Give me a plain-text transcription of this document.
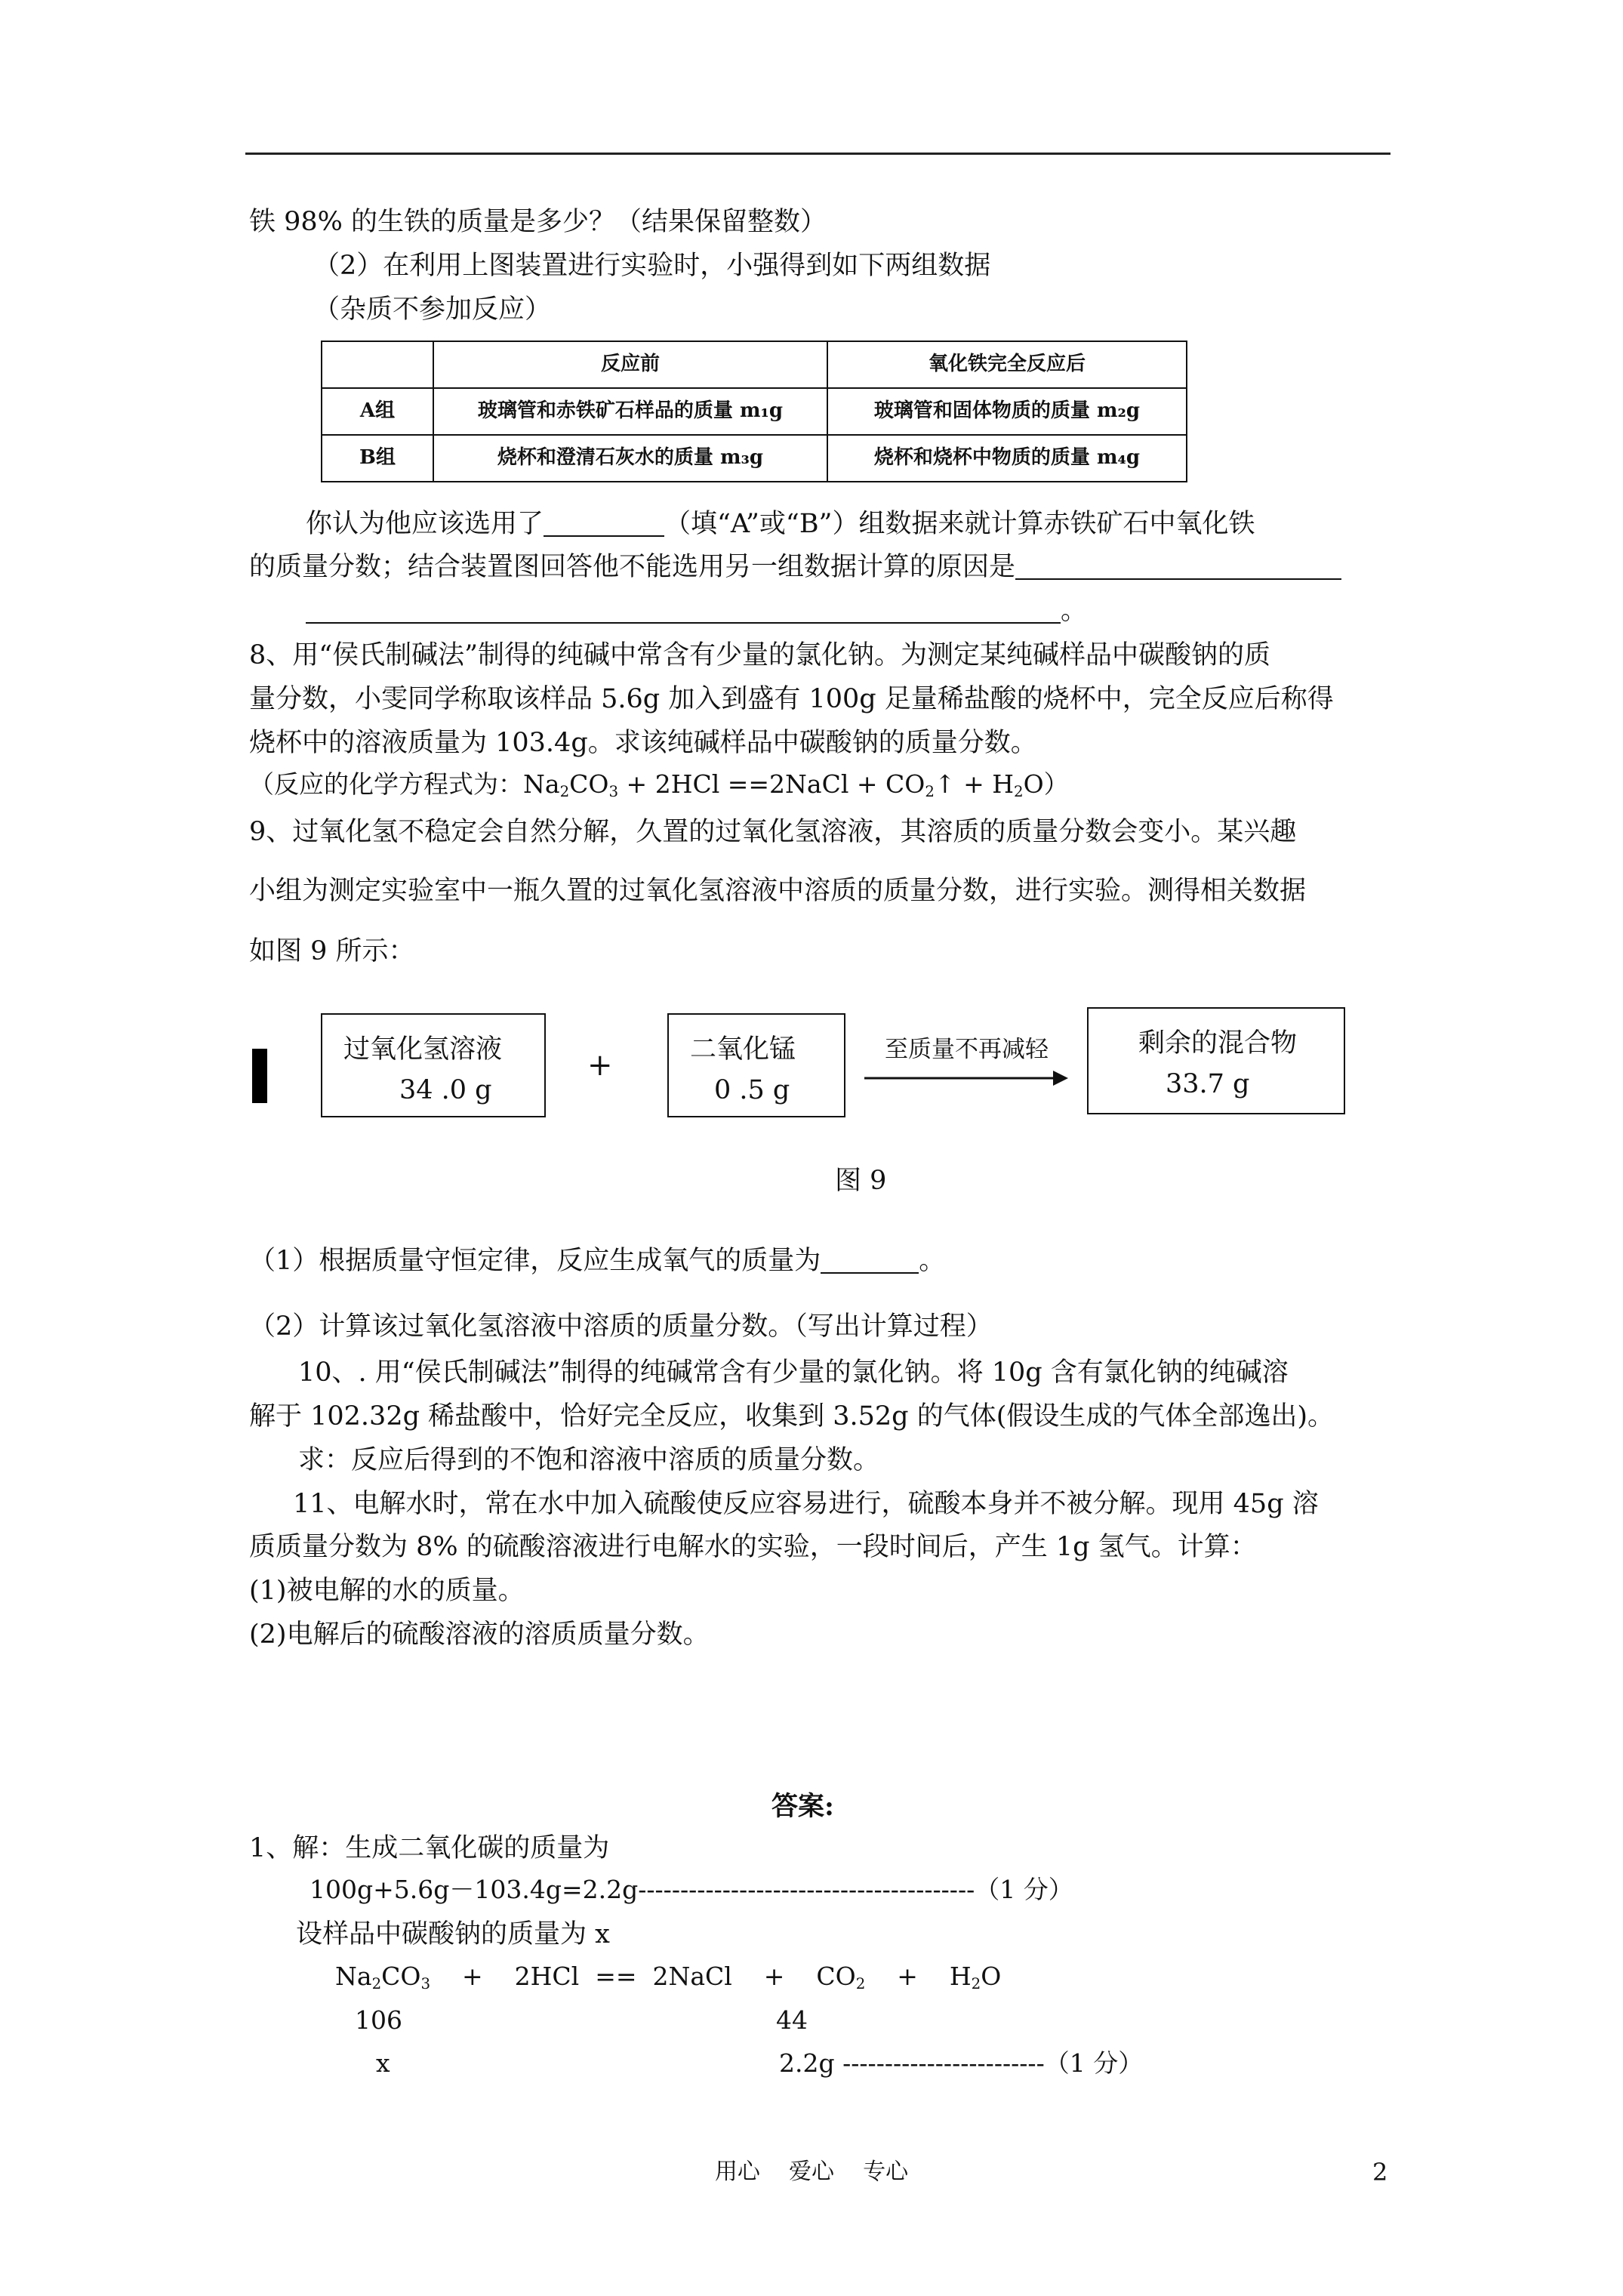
铁 98% 的生铁的质量是多少？（结果保留整数）
（2）在利用上图装置进行实验时，小强得到如下两组数据
（杂质不参加反应）
	反应前	氧化铁完全反应后
A组	玻璃管和赤铁矿石样品的质量 m₁g	玻璃管和固体物质的质量 m₂g
B组	烧杯和澄清石灰水的质量 m₃g	烧杯和烧杯中物质的质量 m₄g
你认为他应该选用了	（填“A”或“B”）组数据来就计算赤铁矿石中氧化铁
的质量分数；结合装置图回答他不能选用另一组数据计算的原因是
。
8、用“侯氏制碱法”制得的纯碱中常含有少量的氯化钠。为测定某纯碱样品中碳酸钠的质
量分数，小雯同学称取该样品 5.6g 加入到盛有 100g 足量稀盐酸的烧杯中，完全反应后称得
烧杯中的溶液质量为 103.4g。求该纯碱样品中碳酸钠的质量分数。
（反应的化学方程式为：$Na_2CO_3 + 2HCl$ ==2NaCl + $CO_2↑ + H_2O$）
9、过氧化氢不稳定会自然分解，久置的过氧化氢溶液，其溶质的质量分数会变小。某兴趣
小组为测定实验室中一瓶久置的过氧化氢溶液中溶质的质量分数，进行实验。测得相关数据
如图 9 所示：
过氧化氢溶液
34 .0 g
+	二氧化锰
0 .5 g
至质量不再减轻	剩余的混合物
33.7 g
图 9
（1）根据质量守恒定律，反应生成氧气的质量为	。
（2）计算该过氧化氢溶液中溶质的质量分数。（写出计算过程）
10、. 用“侯氏制碱法”制得的纯碱常含有少量的氯化钠。将 10g 含有氯化钠的纯碱溶
解于 102.32g 稀盐酸中，恰好完全反应，收集到 3.52g 的气体(假设生成的气体全部逸出)。
求：反应后得到的不饱和溶液中溶质的质量分数。
11、电解水时，常在水中加入硫酸使反应容易进行，硫酸本身并不被分解。现用 45g 溶
质质量分数为 8% 的硫酸溶液进行电解水的实验，一段时间后，产生 1g 氢气。计算：
(1)被电解的水的质量。
(2)电解后的硫酸溶液的溶质质量分数。
答案:
1、解：生成二氧化碳的质量为
100g+5.6g－103.4g=2.2g----------------------------------------（1 分）
设样品中碳酸钠的质量为 x
$Na_2CO_3$ +    2HCl  ==  2NaCl    +    $CO_2$ +    $H_2O$
106	44
x	2.2g ------------------------（1 分）
用心    爱心    专心	2
